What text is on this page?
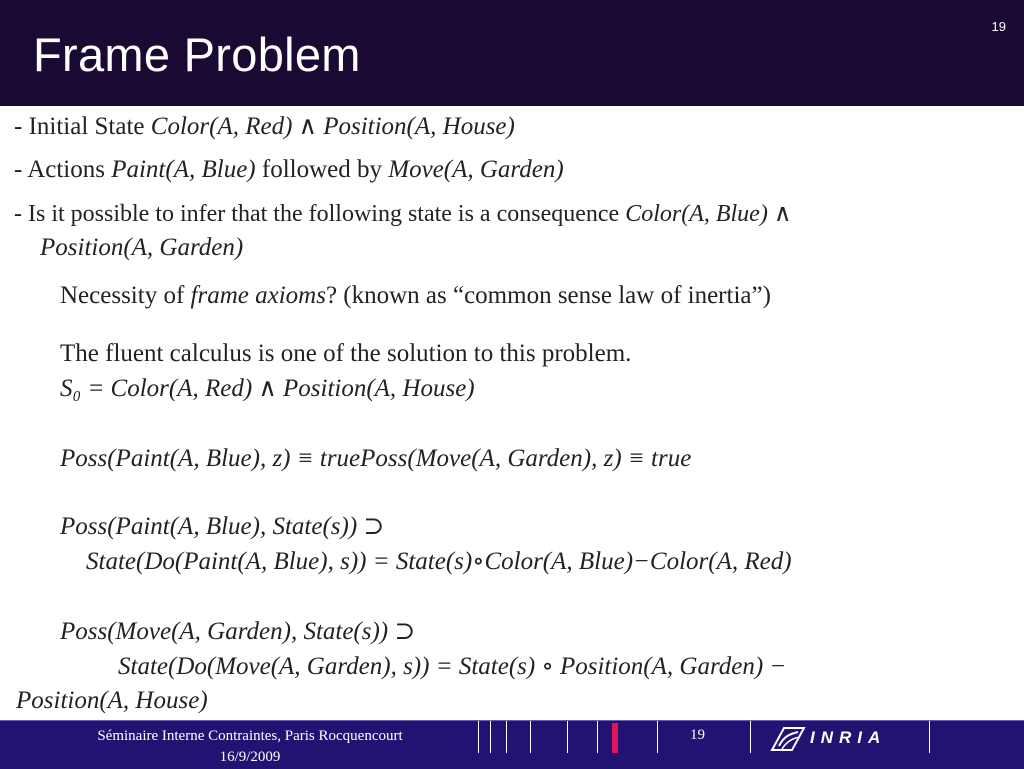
Frame Problem
19
- Initial State Color(A, Red) ∧ Position(A, House)
- Actions Paint(A, Blue) followed by Move(A, Garden)
- Is it possible to infer that the following state is a consequence Color(A, Blue) ∧
Position(A, Garden)
Necessity of frame axioms? (known as “common sense law of inertia”)
The fluent calculus is one of the solution to this problem.
S₀ = Color(A, Red) ∧ Position(A, House)
Poss(Paint(A, Blue), z) ≡ truePoss(Move(A, Garden), z) ≡ true
Poss(Paint(A, Blue), State(s)) ⊃
State(Do(Paint(A, Blue), s)) = State(s)∘Color(A, Blue)−Color(A, Red)
Poss(Move(A, Garden), State(s)) ⊃
State(Do(Move(A, Garden), s)) = State(s) ∘ Position(A, Garden) −
Position(A, House)
Séminaire Interne Contraintes, Paris Rocquencourt
16/9/2009
19	INRIA
